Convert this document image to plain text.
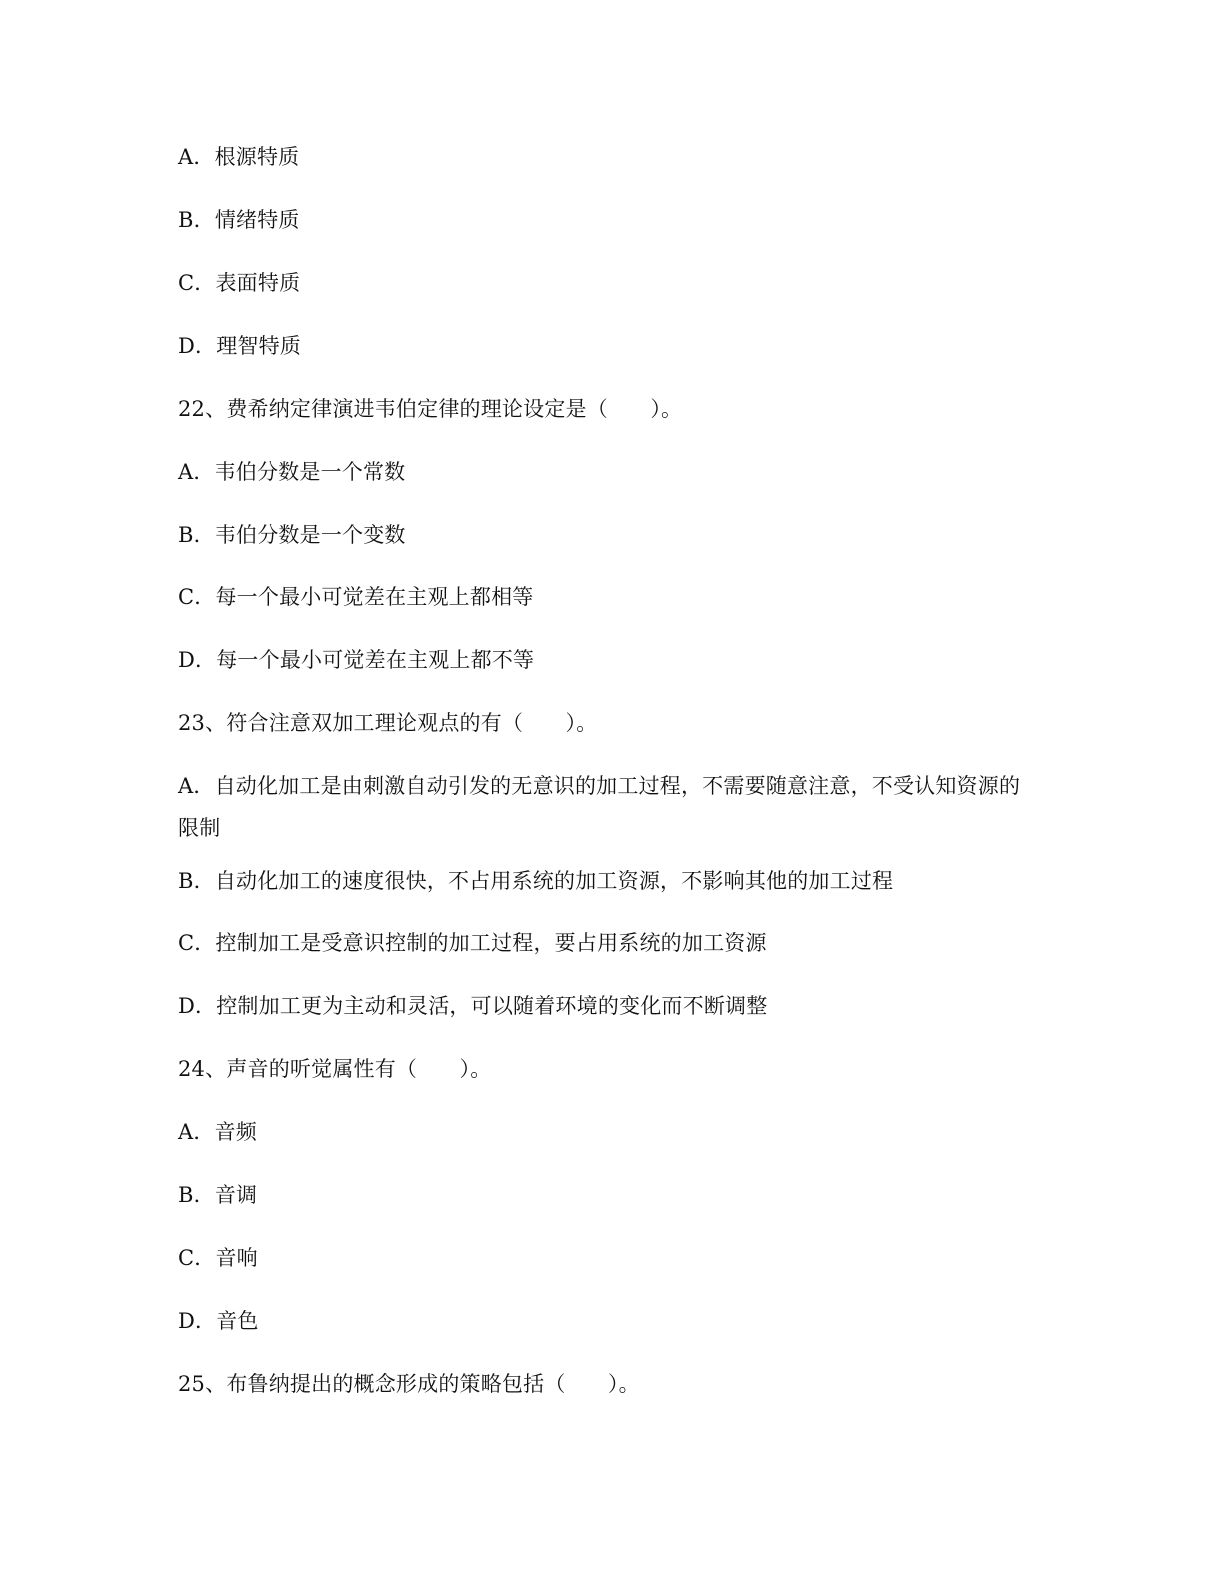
A．根源特质
B．情绪特质
C．表面特质
D．理智特质
22、费希纳定律演进韦伯定律的理论设定是（　　）。
A．韦伯分数是一个常数
B．韦伯分数是一个变数
C．每一个最小可觉差在主观上都相等
D．每一个最小可觉差在主观上都不等
23、符合注意双加工理论观点的有（　　）。
A．自动化加工是由刺激自动引发的无意识的加工过程，不需要随意注意，不受认知资源的限制
B．自动化加工的速度很快，不占用系统的加工资源，不影响其他的加工过程
C．控制加工是受意识控制的加工过程，要占用系统的加工资源
D．控制加工更为主动和灵活，可以随着环境的变化而不断调整
24、声音的听觉属性有（　　）。
A．音频
B．音调
C．音响
D．音色
25、布鲁纳提出的概念形成的策略包括（　　）。
